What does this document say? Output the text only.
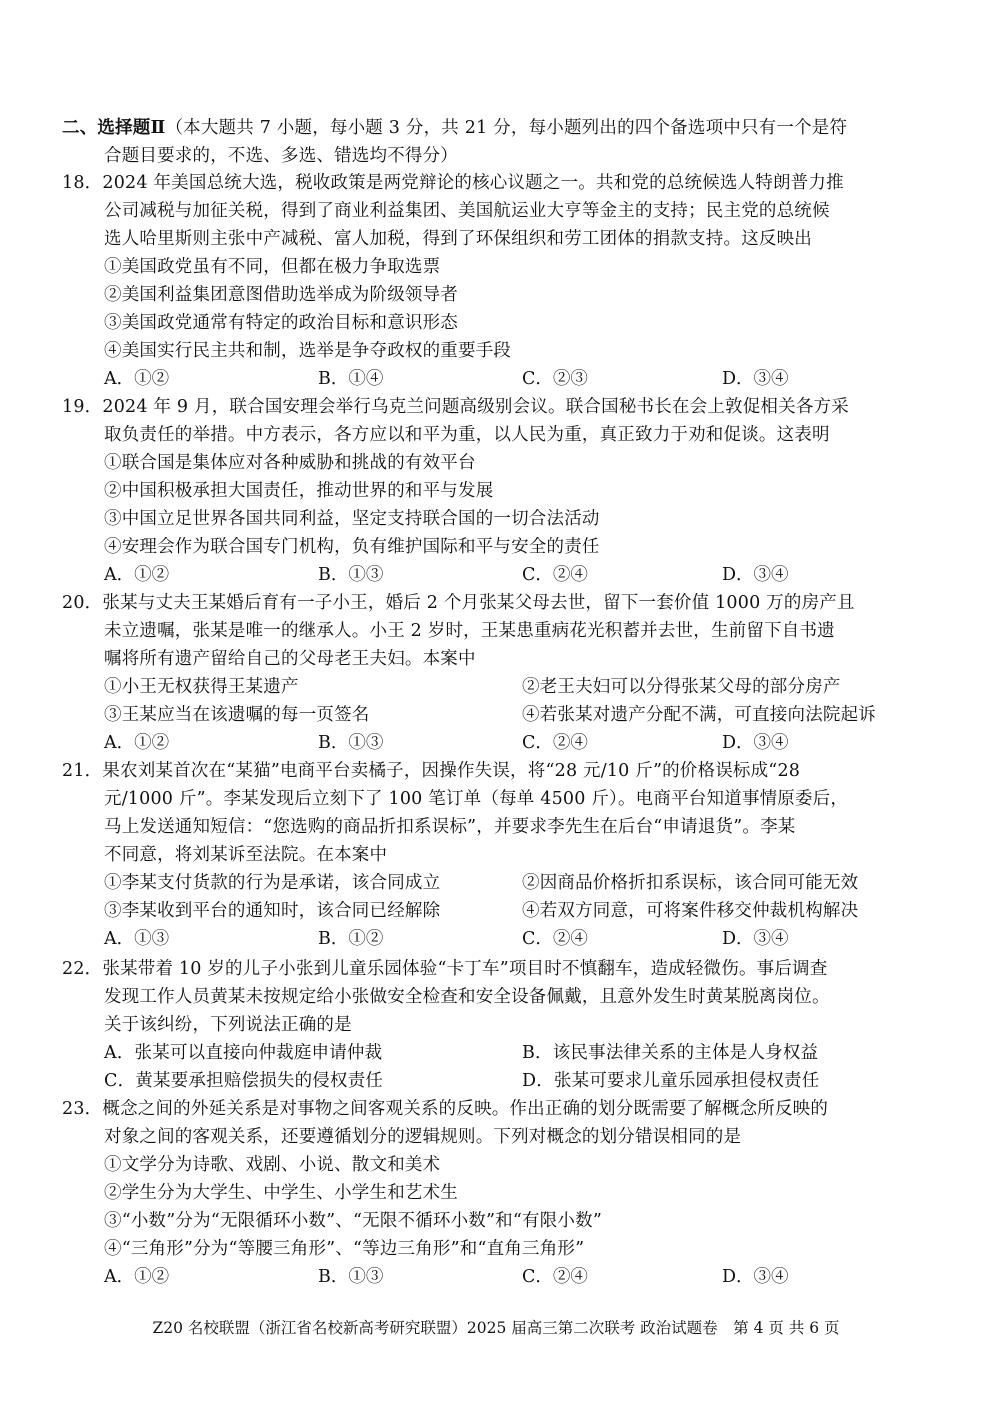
二、选择题Ⅱ（本大题共 7 小题，每小题 3 分，共 21 分，每小题列出的四个备选项中只有一个是符
合题目要求的，不选、多选、错选均不得分）
18．2024 年美国总统大选，税收政策是两党辩论的核心议题之一。共和党的总统候选人特朗普力推
公司减税与加征关税，得到了商业利益集团、美国航运业大亨等金主的支持；民主党的总统候
选人哈里斯则主张中产减税、富人加税，得到了环保组织和劳工团体的捐款支持。这反映出
①美国政党虽有不同，但都在极力争取选票
②美国利益集团意图借助选举成为阶级领导者
③美国政党通常有特定的政治目标和意识形态
④美国实行民主共和制，选举是争夺政权的重要手段
A．①②	B．①④	C．②③	D．③④
19．2024 年 9 月，联合国安理会举行乌克兰问题高级别会议。联合国秘书长在会上敦促相关各方采
取负责任的举措。中方表示，各方应以和平为重，以人民为重，真正致力于劝和促谈。这表明
①联合国是集体应对各种威胁和挑战的有效平台
②中国积极承担大国责任，推动世界的和平与发展
③中国立足世界各国共同利益，坚定支持联合国的一切合法活动
④安理会作为联合国专门机构，负有维护国际和平与安全的责任
A．①②	B．①③	C．②④	D．③④
20．张某与丈夫王某婚后育有一子小王，婚后 2 个月张某父母去世，留下一套价值 1000 万的房产且
未立遗嘱，张某是唯一的继承人。小王 2 岁时，王某患重病花光积蓄并去世，生前留下自书遗
嘱将所有遗产留给自己的父母老王夫妇。本案中
①小王无权获得王某遗产	②老王夫妇可以分得张某父母的部分房产
③王某应当在该遗嘱的每一页签名	④若张某对遗产分配不满，可直接向法院起诉
A．①②	B．①③	C．②④	D．③④
21．果农刘某首次在“某猫”电商平台卖橘子，因操作失误，将“28 元/10 斤”的价格误标成“28
元/1000 斤”。李某发现后立刻下了 100 笔订单（每单 4500 斤）。电商平台知道事情原委后，
马上发送通知短信：“您选购的商品折扣系误标”，并要求李先生在后台“申请退货”。李某
不同意，将刘某诉至法院。在本案中
①李某支付货款的行为是承诺，该合同成立	②因商品价格折扣系误标，该合同可能无效
③李某收到平台的通知时，该合同已经解除	④若双方同意，可将案件移交仲裁机构解决
A．①③	B．①②	C．②④	D．③④
22．张某带着 10 岁的儿子小张到儿童乐园体验“卡丁车”项目时不慎翻车，造成轻微伤。事后调查
发现工作人员黄某未按规定给小张做安全检查和安全设备佩戴，且意外发生时黄某脱离岗位。
关于该纠纷，下列说法正确的是
A．张某可以直接向仲裁庭申请仲裁	B．该民事法律关系的主体是人身权益
C．黄某要承担赔偿损失的侵权责任	D．张某可要求儿童乐园承担侵权责任
23．概念之间的外延关系是对事物之间客观关系的反映。作出正确的划分既需要了解概念所反映的
对象之间的客观关系，还要遵循划分的逻辑规则。下列对概念的划分错误相同的是
①文学分为诗歌、戏剧、小说、散文和美术
②学生分为大学生、中学生、小学生和艺术生
③“小数”分为“无限循环小数”、“无限不循环小数”和“有限小数”
④“三角形”分为“等腰三角形”、“等边三角形”和“直角三角形”
A．①②	B．①③	C．②④	D．③④
Z20 名校联盟（浙江省名校新高考研究联盟）2025 届高三第二次联考 政治试题卷　第 4 页 共 6 页
